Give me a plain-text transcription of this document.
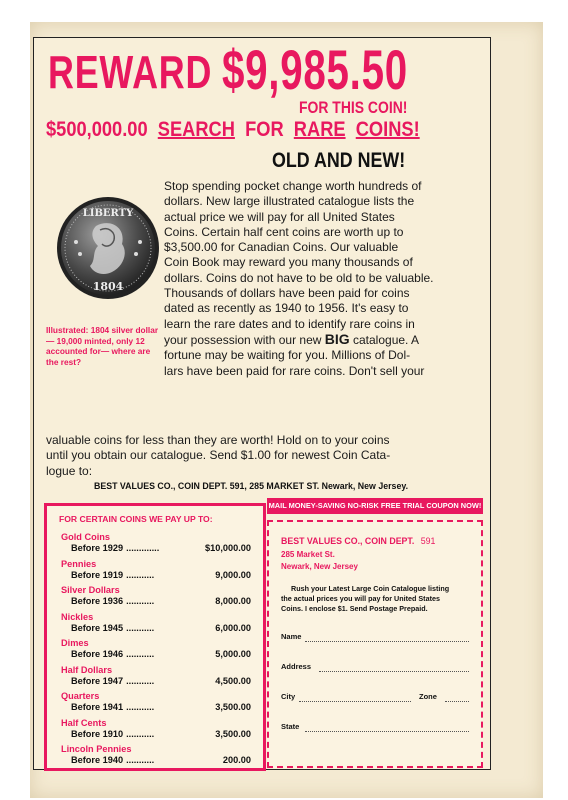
REWARD $9,985.50
FOR THIS COIN!
$500,000.00 SEARCH FOR RARE COINS!
OLD AND NEW!
LIBERTY
1804
Illustrated: 1804 silver dollar — 19,000 minted, only 12 accounted for— where are the rest?
Stop spending pocket change worth hundreds of
dollars. New large illustrated catalogue lists the
actual price we will pay for all United States
Coins. Certain half cent coins are worth up to
$3,500.00 for Canadian Coins. Our valuable
Coin Book may reward you many thousands of
dollars. Coins do not have to be old to be valuable.
Thousands of dollars have been paid for coins
dated as recently as 1940 to 1956. It's easy to
learn the rare dates and to identify rare coins in
your possession with our new BIG catalogue. A
fortune may be waiting for you. Millions of Dol-
lars have been paid for rare coins. Don't sell your
valuable coins for less than they are worth! Hold on to your coins
until you obtain our catalogue. Send $1.00 for newest Coin Cata-
logue to:
BEST VALUES CO., COIN DEPT. 591, 285 MARKET ST. Newark, New Jersey.
FOR CERTAIN COINS WE PAY UP TO:
Gold Coins
Before 1929 .............	$10,000.00
Pennies
Before 1919 ...........	9,000.00
Silver Dollars
Before 1936 ...........	8,000.00
Nickles
Before 1945 ...........	6,000.00
Dimes
Before 1946 ...........	5,000.00
Half Dollars
Before 1947 ...........	4,500.00
Quarters
Before 1941 ...........	3,500.00
Half Cents
Before 1910 ...........	3,500.00
Lincoln Pennies
Before 1940 ...........	200.00
MAIL MONEY-SAVING NO-RISK FREE TRIAL COUPON NOW!
BEST VALUES CO., COIN DEPT. 591
285 Market St.
Newark, New Jersey
Rush your Latest Large Coin Catalogue listing
the actual prices you will pay for United States
Coins. I enclose $1. Send Postage Prepaid.
Name
Address
City	Zone
State
